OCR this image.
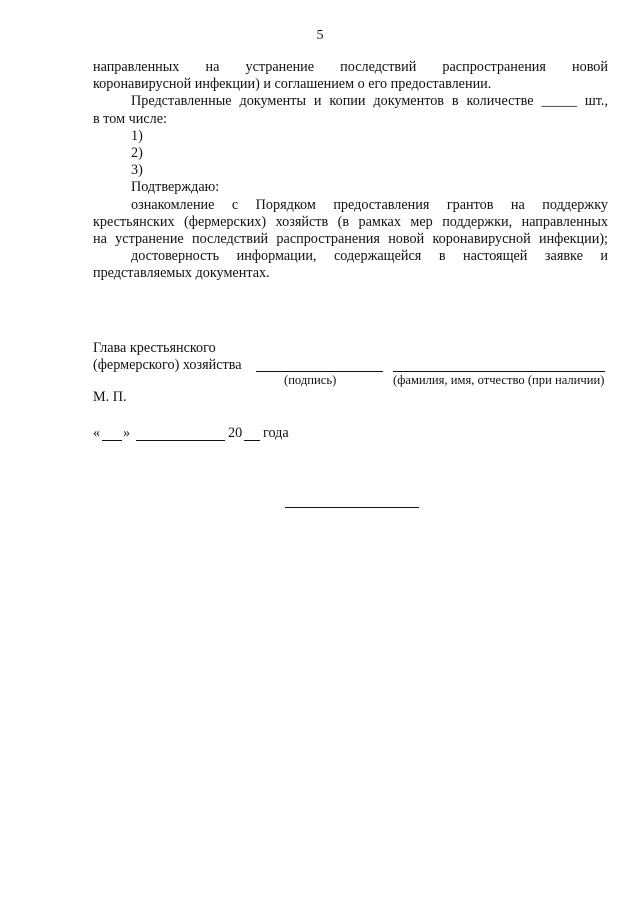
5
направленных на устранение последствий распространения новой
коронавирусной инфекции) и соглашением о его предоставлении.
Представленные документы и копии документов в количестве _____ шт.,
в том числе:
1)
2)
3)
Подтверждаю:
ознакомление с Порядком предоставления грантов на поддержку
крестьянских (фермерских) хозяйств (в рамках мер поддержки, направленных
на устранение последствий распространения новой коронавирусной инфекции);
достоверность информации, содержащейся в настоящей заявке и
представляемых документах.
Глава крестьянского
(фермерского) хозяйства
(подпись)	(фамилия, имя, отчество (при наличии)
М. П.
« »	20 года
